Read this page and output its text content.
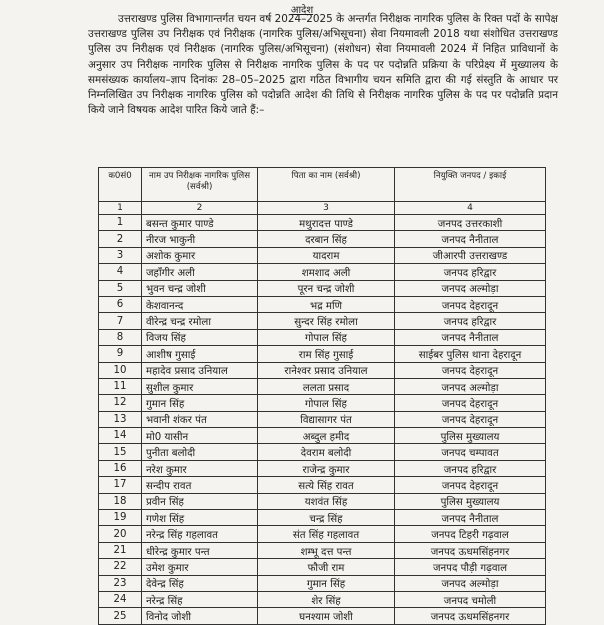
आदेश
उत्तराखण्ड पुलिस विभागान्तर्गत चयन वर्ष 2024–2025 के अन्तर्गत निरीक्षक नागरिक पुलिस के रिक्त पदों के सापेक्ष उत्तराखण्ड पुलिस उप निरीक्षक एवं निरीक्षक (नागरिक पुलिस/अभिसूचना) सेवा नियमावली 2018 यथा संशोधित उत्तराखण्ड पुलिस उप निरीक्षक एवं निरीक्षक (नागरिक पुलिस/अभिसूचना) (संशोधन) सेवा नियमावली 2024 में निहित प्राविधानों के अनुसार उप निरीक्षक नागरिक पुलिस से निरीक्षक नागरिक पुलिस के पद पर पदोन्नति प्रक्रिया के परिप्रेक्ष्य में मुख्यालय के समसंख्यक कार्यालय–ज्ञाप दिनांकः 28–05–2025 द्वारा गठित विभागीय चयन समिति द्वारा की गई संस्तुति के आधार पर निम्नलिखित उप निरीक्षक नागरिक पुलिस को पदोन्नति आदेश की तिथि से निरीक्षक नागरिक पुलिस के पद पर पदोन्नति प्रदान किये जाने विषयक आदेश पारित किये जाते हैं:–
क0सं0	नाम उप निरीक्षक नागरिक पुलिस (सर्वश्री)	पिता का नाम (सर्वश्री)	नियुक्ति जनपद / इकाई
1	2	3	4
1	बसन्त कुमार पाण्डे	मथुरादत्त पाण्डे	जनपद उत्तरकाशी
2	नीरज भाकुनी	दरबान सिंह	जनपद नैनीताल
3	अशोक कुमार	यादराम	जीआरपी उत्तराखण्ड
4	जहाँगीर अली	शमशाद अली	जनपद हरिद्वार
5	भुवन चन्द्र जोशी	पूरन चन्द्र जोशी	जनपद अल्मोड़ा
6	केशवानन्द	भद्र मणि	जनपद देहरादून
7	वीरेन्द्र चन्द्र रमोला	सुन्दर सिंह रमोला	जनपद हरिद्वार
8	विजय सिंह	गोपाल सिंह	जनपद नैनीताल
9	आशीष गुसाई	राम सिंह गुसाई	साईबर पुलिस थाना देहरादून
10	महादेव प्रसाद उनियाल	रानेश्वर प्रसाद उनियाल	जनपद देहरादून
11	सुशील कुमार	ललता प्रसाद	जनपद अल्मोड़ा
12	गुमान सिंह	गोपाल सिंह	जनपद देहरादून
13	भवानी शंकर पंत	विद्यासागर पंत	जनपद देहरादून
14	मो0 यासीन	अब्दुल हमीद	पुलिस मुख्यालय
15	पुनीता बलोदी	देवराम बलोदी	जनपद चम्पावत
16	नरेश कुमार	राजेन्द्र कुमार	जनपद हरिद्वार
17	सन्दीप रावत	सत्ये सिंह रावत	जनपद देहरादून
18	प्रवीन सिंह	यशवंत सिंह	पुलिस मुख्यालय
19	गणेश सिंह	चन्द्र सिंह	जनपद नैनीताल
20	नरेन्द्र सिंह गहलावत	संत सिंह गहलावत	जनपद टिहरी गढ़वाल
21	धीरेन्द्र कुमार पन्त	शम्भू दत्त पन्त	जनपद ऊधमसिंहनगर
22	उमेश कुमार	फौजी राम	जनपद पौड़ी गढ़वाल
23	देवेन्द्र सिंह	गुमान सिंह	जनपद अल्मोड़ा
24	नरेन्द्र सिंह	शेर सिंह	जनपद चमोली
25	विनोद जोशी	घनश्याम जोशी	जनपद ऊधमसिंहनगर
